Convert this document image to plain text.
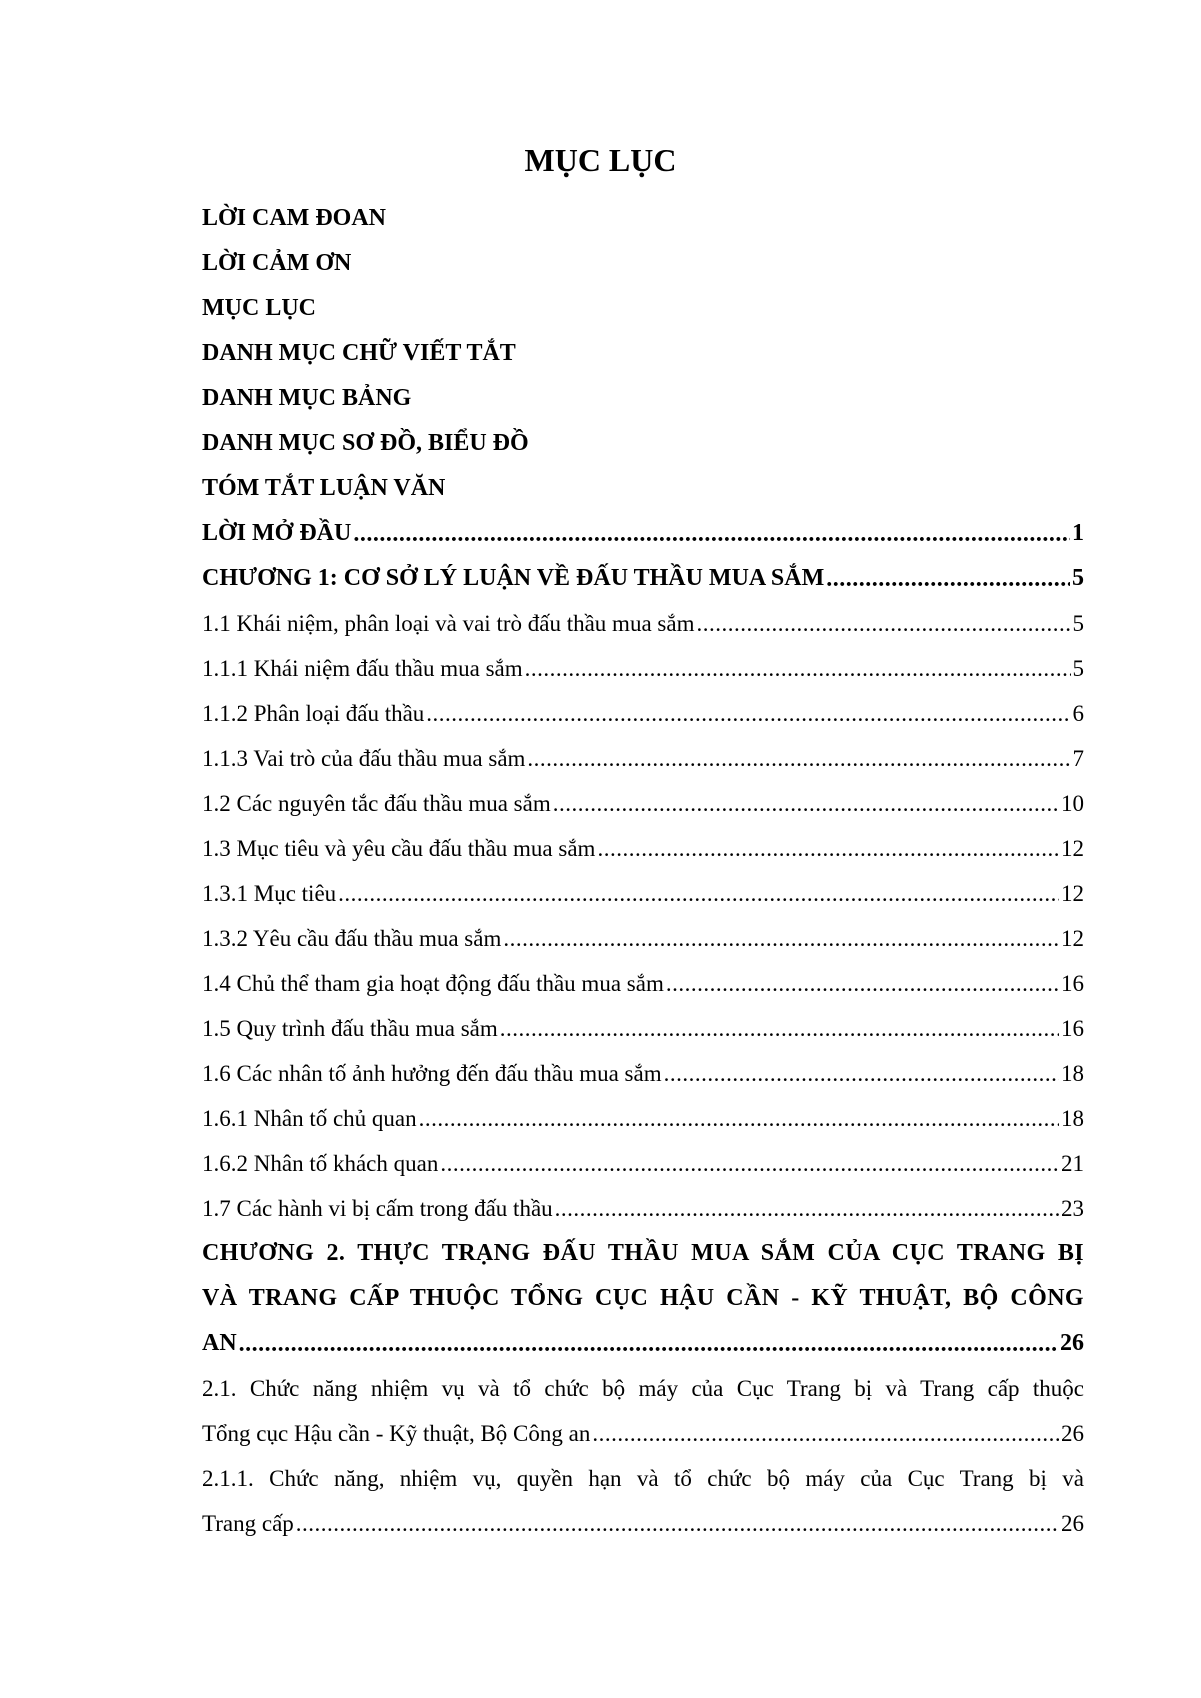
MỤC LỤC
LỜI CAM ĐOAN
LỜI CẢM ƠN
MỤC LỤC
DANH MỤC CHỮ VIẾT TẮT
DANH MỤC BẢNG
DANH MỤC SƠ ĐỒ, BIỂU ĐỒ
TÓM TẮT LUẬN VĂN
LỜI MỞ ĐẦU .....	1
CHƯƠNG 1: CƠ SỞ LÝ LUẬN VỀ ĐẤU THẦU MUA SẮM .....	5
1.1 Khái niệm, phân loại và vai trò đấu thầu mua sắm .....	5
1.1.1 Khái niệm đấu thầu mua sắm .....	5
1.1.2 Phân loại đấu thầu .....	6
1.1.3 Vai trò của đấu thầu mua sắm .....	7
1.2 Các nguyên tắc đấu thầu mua sắm .....	10
1.3 Mục tiêu và yêu cầu đấu thầu mua sắm .....	12
1.3.1 Mục tiêu .....	12
1.3.2 Yêu cầu đấu thầu mua sắm .....	12
1.4 Chủ thể tham gia hoạt động đấu thầu mua sắm .....	16
1.5 Quy trình đấu thầu mua sắm .....	16
1.6 Các nhân tố ảnh hưởng đến đấu thầu mua sắm .....	18
1.6.1 Nhân tố chủ quan .....	18
1.6.2 Nhân tố khách quan .....	21
1.7 Các hành vi bị cấm trong đấu thầu .....	23
CHƯƠNG 2. THỰC TRẠNG ĐẤU THẦU MUA SẮM CỦA CỤC TRANG BỊ
VÀ TRANG CẤP THUỘC TỔNG CỤC HẬU CẦN - KỸ THUẬT, BỘ CÔNG
AN .....	26
2.1. Chức năng nhiệm vụ và tổ chức bộ máy của Cục Trang bị và Trang cấp thuộc
Tổng cục Hậu cần - Kỹ thuật, Bộ Công an .....	26
2.1.1. Chức năng, nhiệm vụ, quyền hạn và tổ chức bộ máy của Cục Trang bị và
Trang cấp .....	26
